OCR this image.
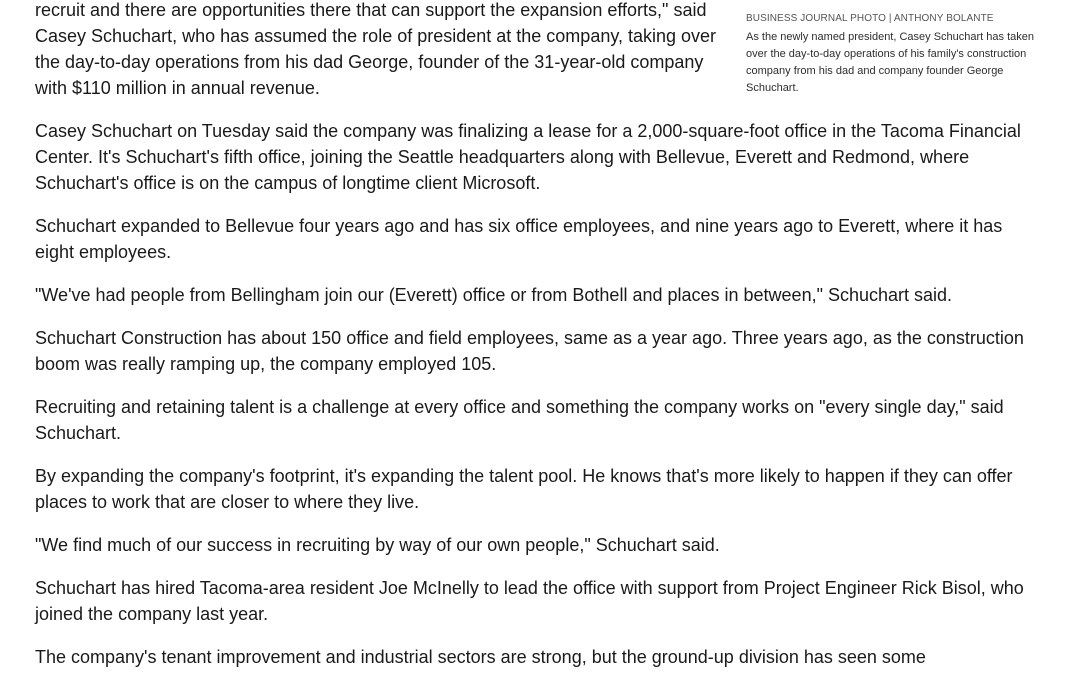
recruit and there are opportunities there that can support the expansion efforts," said Casey Schuchart, who has assumed the role of president at the company, taking over the day-to-day operations from his dad George, founder of the 31-year-old company with $110 million in annual revenue.

BUSINESS JOURNAL PHOTO | ANTHONY BOLANTE
As the newly named president, Casey Schuchart has taken over the day-to-day operations of his family's construction company from his dad and company founder George Schuchart.

Casey Schuchart on Tuesday said the company was finalizing a lease for a 2,000-square-foot office in the Tacoma Financial Center. It's Schuchart's fifth office, joining the Seattle headquarters along with Bellevue, Everett and Redmond, where Schuchart's office is on the campus of longtime client Microsoft.

Schuchart expanded to Bellevue four years ago and has six office employees, and nine years ago to Everett, where it has eight employees.

"We've had people from Bellingham join our (Everett) office or from Bothell and places in between," Schuchart said.

Schuchart Construction has about 150 office and field employees, same as a year ago. Three years ago, as the construction boom was really ramping up, the company employed 105.

Recruiting and retaining talent is a challenge at every office and something the company works on "every single day," said Schuchart.

By expanding the company's footprint, it's expanding the talent pool. He knows that's more likely to happen if they can offer places to work that are closer to where they live.

"We find much of our success in recruiting by way of our own people," Schuchart said.

Schuchart has hired Tacoma-area resident Joe McInelly to lead the office with support from Project Engineer Rick Bisol, who joined the company last year.

The company's tenant improvement and industrial sectors are strong, but the ground-up division has seen some
